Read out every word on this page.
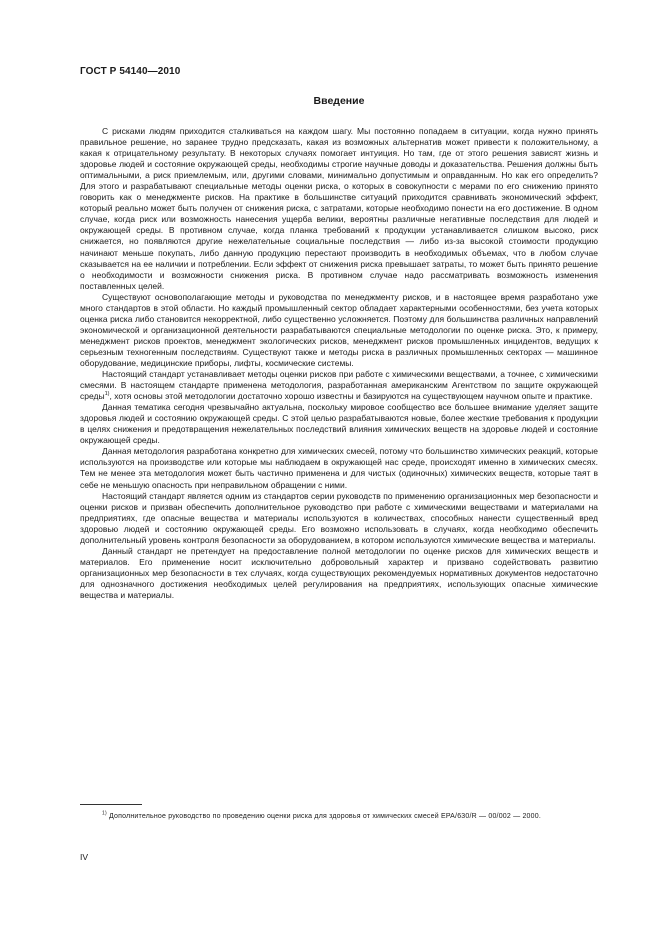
ГОСТ Р 54140—2010
Введение

С рисками людям приходится сталкиваться на каждом шагу. Мы постоянно попадаем в ситуации, когда нужно принять правильное решение, но заранее трудно предсказать, какая из возможных альтернатив может привести к положительному, а какая к отрицательному результату. В некоторых случаях помогает интуиция. Но там, где от этого решения зависят жизнь и здоровье людей и состояние окружающей среды, необходимы строгие научные доводы и доказательства. Решения должны быть оптимальными, а риск приемлемым, или, другими словами, минимально допустимым и оправданным. Но как его определить? Для этого и разрабатывают специальные методы оценки риска, о которых в совокупности с мерами по его снижению принято говорить как о менеджменте рисков. На практике в большинстве ситуаций приходится сравнивать экономический эффект, который реально может быть получен от снижения риска, с затратами, которые необходимо понести на его достижение. В одном случае, когда риск или возможность нанесения ущерба велики, вероятны различные негативные последствия для людей и окружающей среды. В противном случае, когда планка требований к продукции устанавливается слишком высоко, риск снижается, но появляются другие нежелательные социальные последствия — либо из-за высокой стоимости продукцию начинают меньше покупать, либо данную продукцию перестают производить в необходимых объемах, что в любом случае сказывается на ее наличии и потреблении. Если эффект от снижения риска превышает затраты, то может быть принято решение о необходимости и возможности снижения риска. В противном случае надо рассматривать возможность изменения поставленных целей.

Существуют основополагающие методы и руководства по менеджменту рисков, и в настоящее время разработано уже много стандартов в этой области. Но каждый промышленный сектор обладает характерными особенностями, без учета которых оценка риска либо становится некорректной, либо существенно усложняется. Поэтому для большинства различных направлений экономической и организационной деятельности разрабатываются специальные методологии по оценке риска. Это, к примеру, менеджмент рисков проектов, менеджмент экологических рисков, менеджмент рисков промышленных инцидентов, ведущих к серьезным техногенным последствиям. Существуют также и методы риска в различных промышленных секторах — машинное оборудование, медицинские приборы, лифты, космические системы.

Настоящий стандарт устанавливает методы оценки рисков при работе с химическими веществами, а точнее, с химическими смесями. В настоящем стандарте применена методология, разработанная американским Агентством по защите окружающей среды$^{1)}$, хотя основы этой методологии достаточно хорошо известны и базируются на существующем научном опыте и практике.

Данная тематика сегодня чрезвычайно актуальна, поскольку мировое сообщество все большее внимание уделяет защите здоровья людей и состоянию окружающей среды. С этой целью разрабатываются новые, более жесткие требования к продукции в целях снижения и предотвращения нежелательных последствий влияния химических веществ на здоровье людей и состояние окружающей среды.

Данная методология разработана конкретно для химических смесей, потому что большинство химических реакций, которые используются на производстве или которые мы наблюдаем в окружающей нас среде, происходят именно в химических смесях. Тем не менее эта методология может быть частично применена и для чистых (одиночных) химических веществ, которые таят в себе не меньшую опасность при неправильном обращении с ними.

Настоящий стандарт является одним из стандартов серии руководств по применению организационных мер безопасности и оценки рисков и призван обеспечить дополнительное руководство при работе с химическими веществами и материалами на предприятиях, где опасные вещества и материалы используются в количествах, способных нанести существенный вред здоровью людей и состоянию окружающей среды. Его возможно использовать в случаях, когда необходимо обеспечить дополнительный уровень контроля безопасности за оборудованием, в котором используются химические вещества и материалы.

Данный стандарт не претендует на предоставление полной методологии по оценке рисков для химических веществ и материалов. Его применение носит исключительно добровольный характер и призвано содействовать развитию организационных мер безопасности в тех случаях, когда существующих рекомендуемых нормативных документов недостаточно для однозначного достижения необходимых целей регулирования на предприятиях, использующих опасные химические вещества и материалы.

$^{1)}$ Дополнительное руководство по проведению оценки риска для здоровья от химических смесей EPA/630/R — 00/002 — 2000.

IV
